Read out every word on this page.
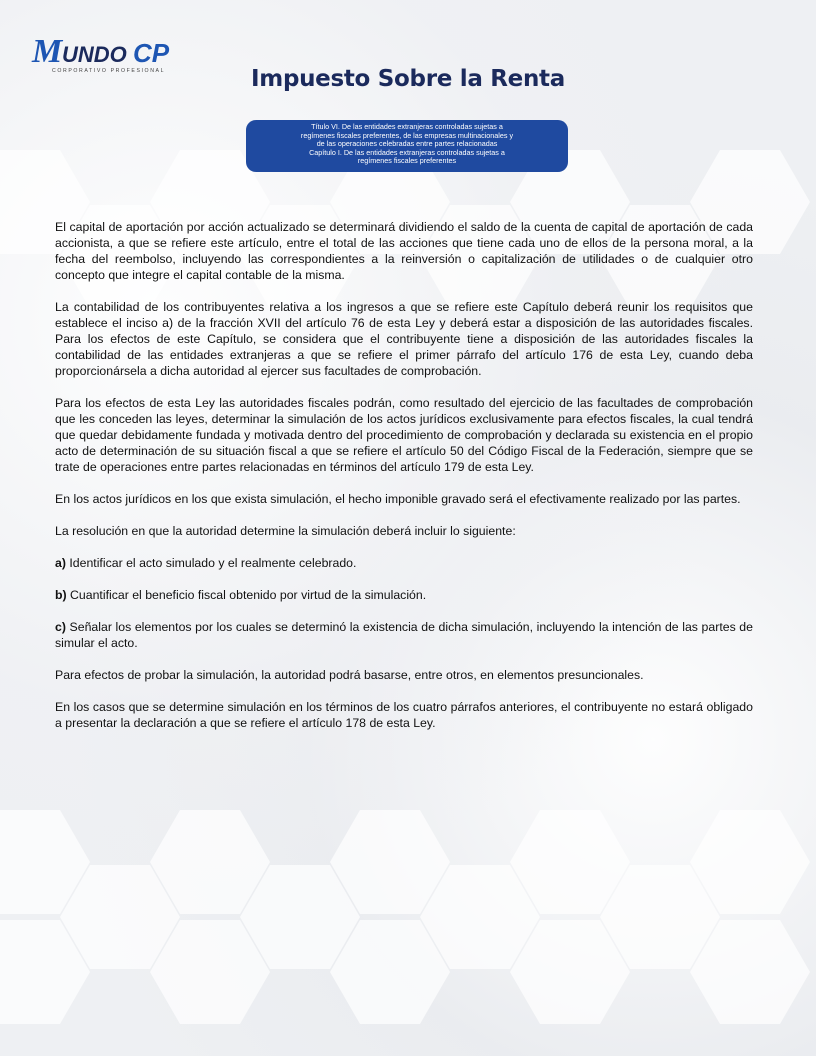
M UNDO CP
CORPORATIVO PROFESIONAL	Impuesto Sobre la Renta
Título VI. De las entidades extranjeras controladas sujetas a
regímenes fiscales preferentes, de las empresas multinacionales y
de las operaciones celebradas entre partes relacionadas
Capítulo I. De las entidades extranjeras controladas sujetas a
regímenes fiscales preferentes

El capital de aportación por acción actualizado se determinará dividiendo el saldo de la cuenta de capital de aportación de cada accionista, a que se refiere este artículo, entre el total de las acciones que tiene cada uno de ellos de la persona moral, a la fecha del reembolso, incluyendo las correspondientes a la reinversión o capitalización de utilidades o de cualquier otro concepto que integre el capital contable de la misma.

La contabilidad de los contribuyentes relativa a los ingresos a que se refiere este Capítulo deberá reunir los requisitos que establece el inciso a) de la fracción XVII del artículo 76 de esta Ley y deberá estar a disposición de las autoridades fiscales. Para los efectos de este Capítulo, se considera que el contribuyente tiene a disposición de las autoridades fiscales la contabilidad de las entidades extranjeras a que se refiere el primer párrafo del artículo 176 de esta Ley, cuando deba proporcionársela a dicha autoridad al ejercer sus facultades de comprobación.

Para los efectos de esta Ley las autoridades fiscales podrán, como resultado del ejercicio de las facultades de comprobación que les conceden las leyes, determinar la simulación de los actos jurídicos exclusivamente para efectos fiscales, la cual tendrá que quedar debidamente fundada y motivada dentro del procedimiento de comprobación y declarada su existencia en el propio acto de determinación de su situación fiscal a que se refiere el artículo 50 del Código Fiscal de la Federación, siempre que se trate de operaciones entre partes relacionadas en términos del artículo 179 de esta Ley.

En los actos jurídicos en los que exista simulación, el hecho imponible gravado será el efectivamente realizado por las partes.

La resolución en que la autoridad determine la simulación deberá incluir lo siguiente:

a) Identificar el acto simulado y el realmente celebrado.

b) Cuantificar el beneficio fiscal obtenido por virtud de la simulación.

c) Señalar los elementos por los cuales se determinó la existencia de dicha simulación, incluyendo la intención de las partes de simular el acto.

Para efectos de probar la simulación, la autoridad podrá basarse, entre otros, en elementos presuncionales.

En los casos que se determine simulación en los términos de los cuatro párrafos anteriores, el contribuyente no estará obligado a presentar la declaración a que se refiere el artículo 178 de esta Ley.
